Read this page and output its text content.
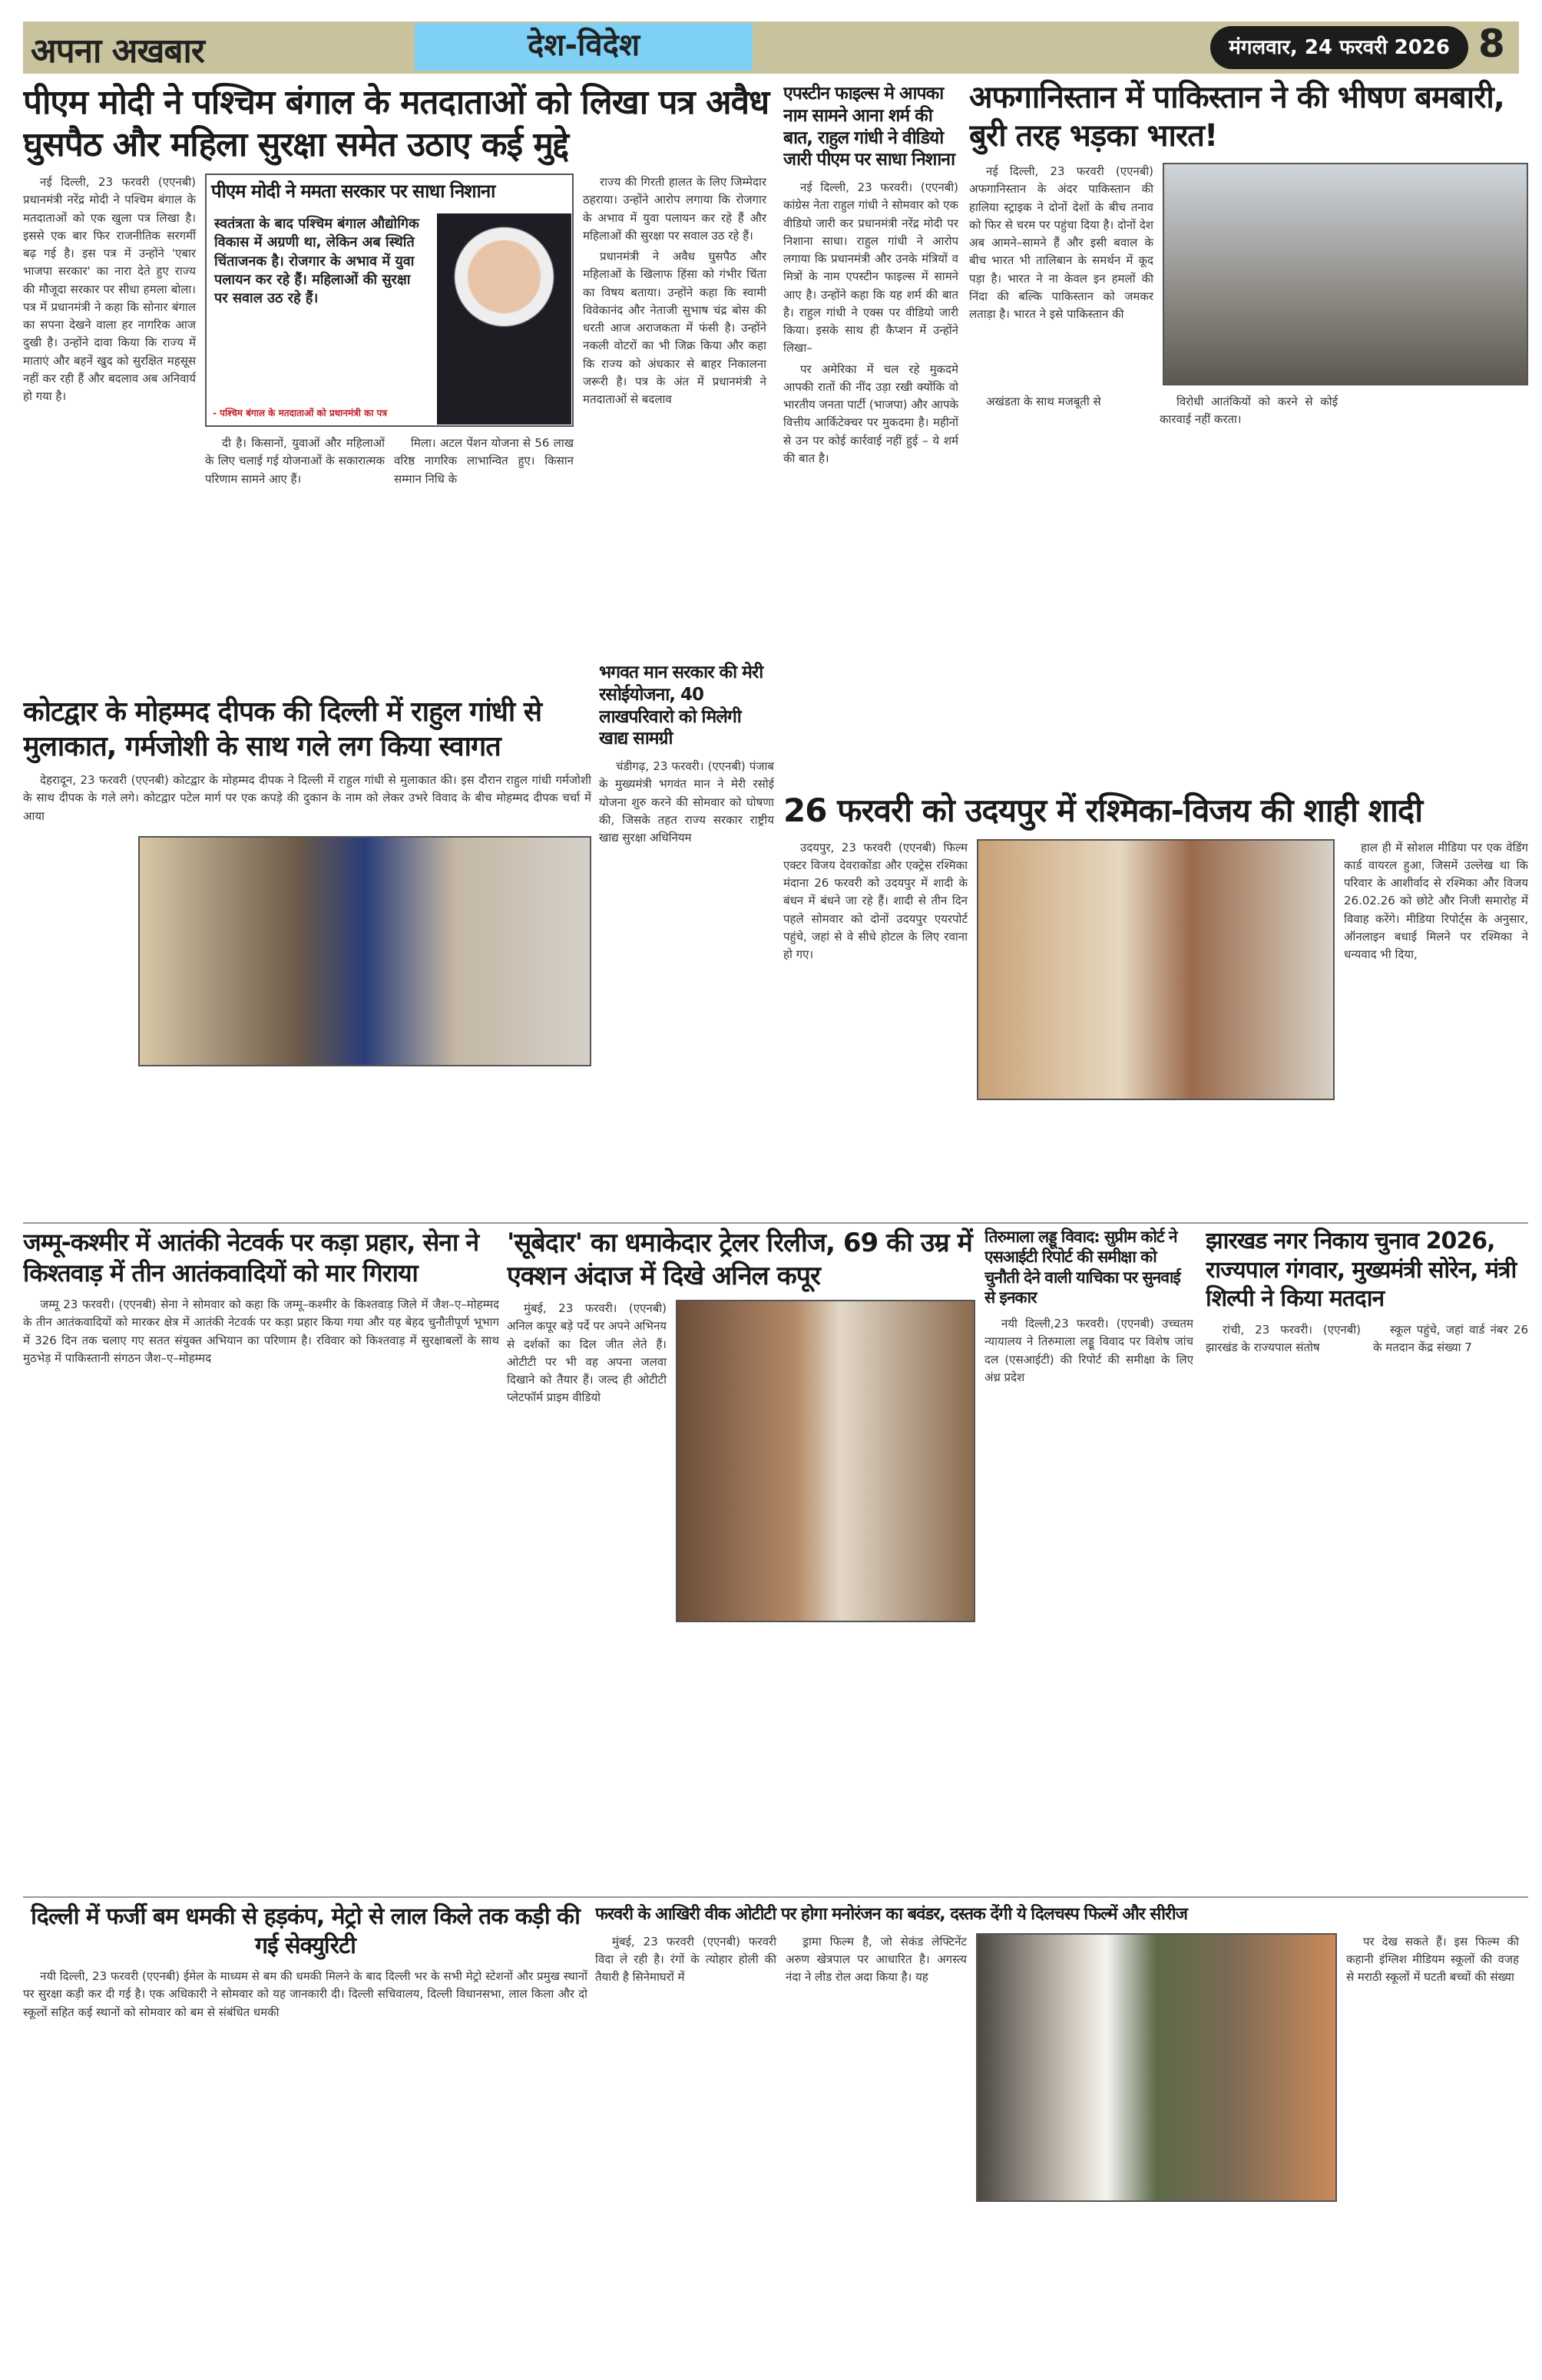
अपना अखबार	देश-विदेश	मंगलवार, 24 फरवरी 2026 8
पीएम मोदी ने पश्चिम बंगाल के मतदाताओं को लिखा पत्र अवैध घुसपैठ और महिला सुरक्षा समेत उठाए कई मुद्दे

नई दिल्ली, 23 फरवरी (एएनबी) प्रधानमंत्री नरेंद्र मोदी ने पश्चिम बंगाल के मतदाताओं को एक खुला पत्र लिखा है। इससे एक बार फिर राजनीतिक सरगर्मी बढ़ गई है। इस पत्र में उन्होंने 'एबार भाजपा सरकार' का नारा देते हुए राज्य की मौजूदा सरकार पर सीधा हमला बोला। पत्र में प्रधानमंत्री ने कहा कि सोनार बंगाल का सपना देखने वाला हर नागरिक आज दुखी है। उन्होंने दावा किया कि राज्य में माताएं और बहनें खुद को सुरक्षित महसूस नहीं कर रही हैं और बदलाव अब अनिवार्य हो गया है।

पीएम मोदी ने ममता सरकार पर साधा निशाना
स्वतंत्रता के बाद पश्चिम बंगाल औद्योगिक विकास में अग्रणी था, लेकिन अब स्थिति चिंताजनक है। रोजगार के अभाव में युवा पलायन कर रहे हैं। महिलाओं की सुरक्षा पर सवाल उठ रहे हैं।
- पश्चिम बंगाल के मतदाताओं को प्रधानमंत्री का पत्र

दी है। किसानों, युवाओं और महिलाओं के लिए चलाई गई योजनाओं के सकारात्मक परिणाम सामने आए हैं।

मिला। अटल पेंशन योजना से 56 लाख वरिष्ठ नागरिक लाभान्वित हुए। किसान सम्मान निधि के

राज्य की गिरती हालत के लिए जिम्मेदार ठहराया। उन्होंने आरोप लगाया कि रोजगार के अभाव में युवा पलायन कर रहे हैं और महिलाओं की सुरक्षा पर सवाल उठ रहे हैं।

प्रधानमंत्री ने अवैध घुसपैठ और महिलाओं के खिलाफ हिंसा को गंभीर चिंता का विषय बताया। उन्होंने कहा कि स्वामी विवेकानंद और नेताजी सुभाष चंद्र बोस की धरती आज अराजकता में फंसी है। उन्होंने नकली वोटरों का भी जिक्र किया और कहा कि राज्य को अंधकार से बाहर निकालना जरूरी है। पत्र के अंत में प्रधानमंत्री ने मतदाताओं से बदलाव

एपस्टीन फाइल्स मे आपका नाम सामने आना शर्म की बात, राहुल गांधी ने वीडियो जारी पीएम पर साधा निशाना

नई दिल्ली, 23 फरवरी। (एएनबी) कांग्रेस नेता राहुल गांधी ने सोमवार को एक वीडियो जारी कर प्रधानमंत्री नरेंद्र मोदी पर निशाना साधा। राहुल गांधी ने आरोप लगाया कि प्रधानमंत्री और उनके मंत्रियों व मित्रों के नाम एपस्टीन फाइल्स में सामने आए है। उन्होंने कहा कि यह शर्म की बात है। राहुल गांधी ने एक्स पर वीडियो जारी किया। इसके साथ ही कैप्शन में उन्होंने लिखा–

पर अमेरिका में चल रहे मुकदमे आपकी रातों की नींद उड़ा रखी क्योंकि वो भारतीय जनता पार्टी (भाजपा) और आपके वित्तीय आर्किटेक्चर पर मुकदमा है। महीनों से उन पर कोई कार्रवाई नहीं हुई – ये शर्म की बात है।

अफगानिस्तान में पाकिस्तान ने की भीषण बमबारी, बुरी तरह भड़का भारत!

नई दिल्ली, 23 फरवरी (एएनबी) अफगानिस्तान के अंदर पाकिस्तान की हालिया स्ट्राइक ने दोनों देशों के बीच तनाव को फिर से चरम पर पहुंचा दिया है। दोनों देश अब आमने–सामने हैं और इसी बवाल के बीच भारत भी तालिबान के समर्थन में कूद पड़ा है। भारत ने ना केवल इन हमलों की निंदा की बल्कि पाकिस्तान को जमकर लताड़ा है। भारत ने इसे पाकिस्तान की

अखंडता के साथ मजबूती से	विरोधी आतंकियों को करने से कोई कारवाई नहीं करता।

कोटद्वार के मोहम्मद दीपक की दिल्ली में राहुल गांधी से मुलाकात, गर्मजोशी के साथ गले लग किया स्वागत

देहरादून, 23 फरवरी (एएनबी) कोटद्वार के मोहम्मद दीपक ने दिल्ली में राहुल गांधी से मुलाकात की। इस दौरान राहुल गांधी गर्मजोशी के साथ दीपक के गले लगे। कोटद्वार पटेल मार्ग पर एक कपड़े की दुकान के नाम को लेकर उभरे विवाद के बीच मोहम्मद दीपक चर्चा में आया

भगवत मान सरकार की मेरी रसोईयोजना, 40 लाखपरिवारो को मिलेगी खाद्य सामग्री

चंडीगढ़, 23 फरवरी। (एएनबी) पंजाब के मुख्यमंत्री भगवंत मान ने मेरी रसोई योजना शुरु करने की सोमवार को घोषणा की, जिसके तहत राज्य सरकार राष्ट्रीय खाद्य सुरक्षा अधिनियम

26 फरवरी को उदयपुर में रश्मिका-विजय की शाही शादी

उदयपुर, 23 फरवरी (एएनबी) फिल्म एक्टर विजय देवराकोंडा और एक्ट्रेस रश्मिका मंदाना 26 फरवरी को उदयपुर में शादी के बंधन में बंधने जा रहे हैं। शादी से तीन दिन पहले सोमवार को दोनों उदयपुर एयरपोर्ट पहुंचे, जहां से वे सीधे होटल के लिए रवाना हो गए।

हाल ही में सोशल मीडिया पर एक वेडिंग कार्ड वायरल हुआ, जिसमें उल्लेख था कि परिवार के आशीर्वाद से रश्मिका और विजय 26.02.26 को छोटे और निजी समारोह में विवाह करेंगे। मीडिया रिपोर्ट्स के अनुसार, ऑनलाइन बधाई मिलने पर रश्मिका ने धन्यवाद भी दिया,

जम्मू-कश्मीर में आतंकी नेटवर्क पर कड़ा प्रहार, सेना ने किश्तवाड़ में तीन आतंकवादियों को मार गिराया

जम्मू 23 फरवरी। (एएनबी) सेना ने सोमवार को कहा कि जम्मू–कश्मीर के किश्तवाड़ जिले में जैश–ए–मोहम्मद के तीन आतंकवादियों को मारकर क्षेत्र में आतंकी नेटवर्क पर कड़ा प्रहार किया गया और यह बेहद चुनौतीपूर्ण भूभाग में 326 दिन तक चलाए गए सतत संयुक्त अभियान का परिणाम है। रविवार को किश्तवाड़ में सुरक्षाबलों के साथ मुठभेड़ में पाकिस्तानी संगठन जैश–ए–मोहम्मद

'सूबेदार' का धमाकेदार ट्रेलर रिलीज, 69 की उम्र में एक्शन अंदाज में दिखे अनिल कपूर

मुंबई, 23 फरवरी। (एएनबी) अनिल कपूर बड़े पर्दे पर अपने अभिनय से दर्शकों का दिल जीत लेते हैं। ओटीटी पर भी वह अपना जलवा दिखाने को तैयार हैं। जल्द ही ओटीटी प्लेटफॉर्म प्राइम वीडियो

तिरुमाला लड्डू विवाद: सुप्रीम कोर्ट ने एसआईटी रिपोर्ट की समीक्षा को चुनौती देने वाली याचिका पर सुनवाई से इनकार

नयी दिल्ली,23 फरवरी। (एएनबी) उच्चतम न्यायालय ने तिरुमाला लड्डू विवाद पर विशेष जांच दल (एसआईटी) की रिपोर्ट की समीक्षा के लिए अंध्र प्रदेश

झारखड नगर निकाय चुनाव 2026, राज्यपाल गंगवार, मुख्यमंत्री सोरेन, मंत्री शिल्पी ने किया मतदान

रांची, 23 फरवरी। (एएनबी) झारखंड के राज्यपाल संतोष

स्कूल पहुंचे, जहां वार्ड नंबर 26 के मतदान केंद्र संख्या 7

दिल्ली में फर्जी बम धमकी से हड़कंप, मेट्रो से लाल किले तक कड़ी की गई सेक्युरिटी

नयी दिल्ली, 23 फरवरी (एएनबी) ईमेल के माध्यम से बम की धमकी मिलने के बाद दिल्ली भर के सभी मेट्रो स्टेशनों और प्रमुख स्थानों पर सुरक्षा कड़ी कर दी गई है। एक अधिकारी ने सोमवार को यह जानकारी दी। दिल्ली सचिवालय, दिल्ली विधानसभा, लाल किला और दो स्कूलों सहित कई स्थानों को सोमवार को बम से संबंधित धमकी

फरवरी के आखिरी वीक ओटीटी पर होगा मनोरंजन का बवंडर, दस्तक देंगी ये दिलचस्प फिल्में और सीरीज

मुंबई, 23 फरवरी (एएनबी) फरवरी विदा ले रही है। रंगों के त्योहार होली की तैयारी है सिनेमाघरों में

ड्रामा फिल्म है, जो सेकंड लेफ्टिनेंट अरुण खेत्रपाल पर आधारित है। अगस्त्य नंदा ने लीड रोल अदा किया है। यह

पर देख सकते हैं। इस फिल्म की कहानी इंग्लिश मीडियम स्कूलों की वजह से मराठी स्कूलों में घटती बच्चों की संख्या
